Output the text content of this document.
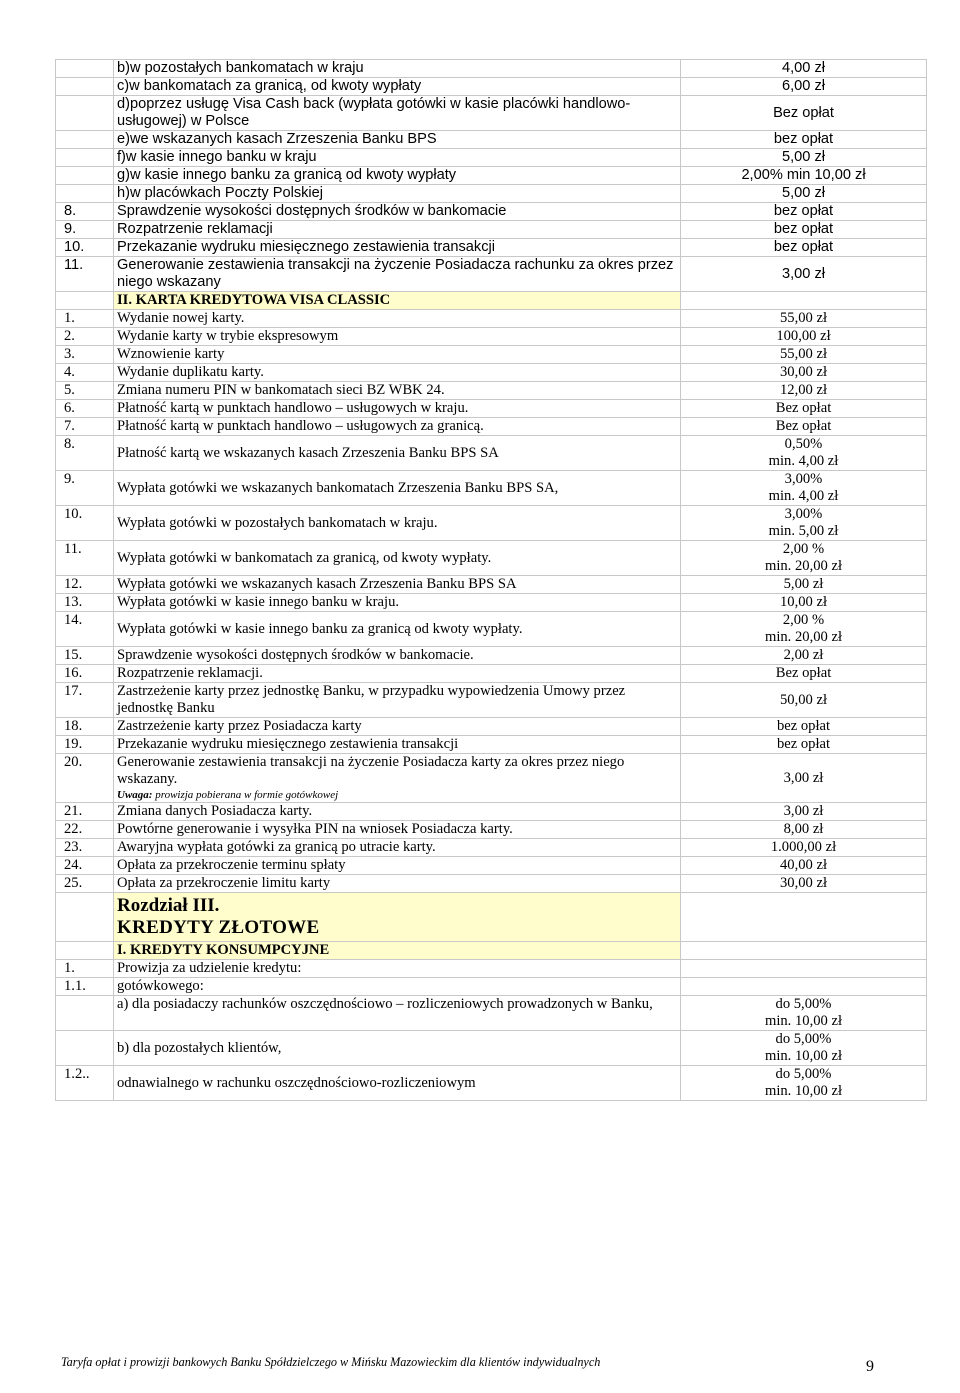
	b)w pozostałych bankomatach w kraju	4,00 zł

	c)w bankomatach za granicą, od kwoty wypłaty	6,00 zł

	d)poprzez usługę Visa Cash back (wypłata gotówki w kasie placówki handlowo-usługowej) w Polsce	Bez opłat

	e)we wskazanych kasach Zrzeszenia Banku BPS	bez opłat

	f)w kasie innego banku w kraju	5,00 zł

	g)w kasie innego banku za granicą od kwoty wypłaty	2,00% min 10,00 zł

	h)w placówkach Poczty Polskiej	5,00 zł

8.	Sprawdzenie wysokości dostępnych środków w bankomacie	bez opłat

9.	Rozpatrzenie reklamacji	bez opłat

10.	Przekazanie wydruku miesięcznego zestawienia transakcji	bez opłat

11.	Generowanie zestawienia transakcji na życzenie Posiadacza rachunku za okres przez niego wskazany	3,00 zł

	II. KARTA KREDYTOWA VISA CLASSIC	

1.	Wydanie nowej karty.	55,00 zł

2.	Wydanie karty w trybie ekspresowym	100,00 zł

3.	Wznowienie karty	55,00 zł

4.	Wydanie duplikatu karty.	30,00 zł

5.	Zmiana numeru PIN w bankomatach sieci BZ WBK 24.	12,00 zł

6.	Płatność kartą w punktach handlowo – usługowych w kraju.	Bez opłat

7.	Płatność kartą w punktach handlowo – usługowych za granicą.	Bez opłat

8.	Płatność kartą we wskazanych kasach Zrzeszenia Banku BPS SA	0,50%
min. 4,00 zł

9.	Wypłata gotówki we wskazanych bankomatach Zrzeszenia Banku BPS SA,	3,00%
min. 4,00 zł

10.	Wypłata gotówki w pozostałych bankomatach w kraju.	3,00%
min. 5,00 zł

11.	Wypłata gotówki w bankomatach za granicą, od kwoty wypłaty.	2,00 %
min. 20,00 zł

12.	Wypłata gotówki we wskazanych kasach Zrzeszenia Banku BPS SA	5,00 zł

13.	Wypłata gotówki w kasie innego banku w kraju.	10,00 zł

14.	Wypłata gotówki w kasie innego banku za granicą od kwoty wypłaty.	2,00 %
min. 20,00 zł

15.	Sprawdzenie wysokości dostępnych środków w bankomacie.	2,00 zł

16.	Rozpatrzenie reklamacji.	Bez opłat

17.	Zastrzeżenie karty przez jednostkę Banku, w przypadku wypowiedzenia Umowy przez jednostkę Banku	50,00 zł

18.	Zastrzeżenie karty przez Posiadacza karty	bez opłat

19.	Przekazanie wydruku miesięcznego zestawienia transakcji	bez opłat

20.	Generowanie zestawienia transakcji na życzenie Posiadacza karty za okres przez niego wskazany.
Uwaga: prowizja pobierana w formie gotówkowej	3,00 zł

21.	Zmiana danych Posiadacza karty.	3,00 zł

22.	Powtórne generowanie i wysyłka PIN na wniosek Posiadacza karty.	8,00 zł

23.	Awaryjna wypłata gotówki za granicą po utracie karty.	1.000,00 zł

24.	Opłata za przekroczenie terminu spłaty	40,00 zł

25.	Opłata za przekroczenie limitu karty	30,00 zł

	Rozdział III.
KREDYTY ZŁOTOWE	

	I. KREDYTY KONSUMPCYJNE	
1.	Prowizja za udzielenie kredytu:	

1.1.	gotówkowego:	

	a) dla posiadaczy rachunków oszczędnościowo – rozliczeniowych prowadzonych w Banku,	do 5,00%
min. 10,00 zł

	b) dla pozostałych klientów,	do 5,00%
min. 10,00 zł

1.2..	odnawialnego w rachunku oszczędnościowo-rozliczeniowym	do 5,00%
min. 10,00 zł
Taryfa opłat i prowizji bankowych Banku Spółdzielczego w Mińsku Mazowieckim dla klientów indywidualnych	9
